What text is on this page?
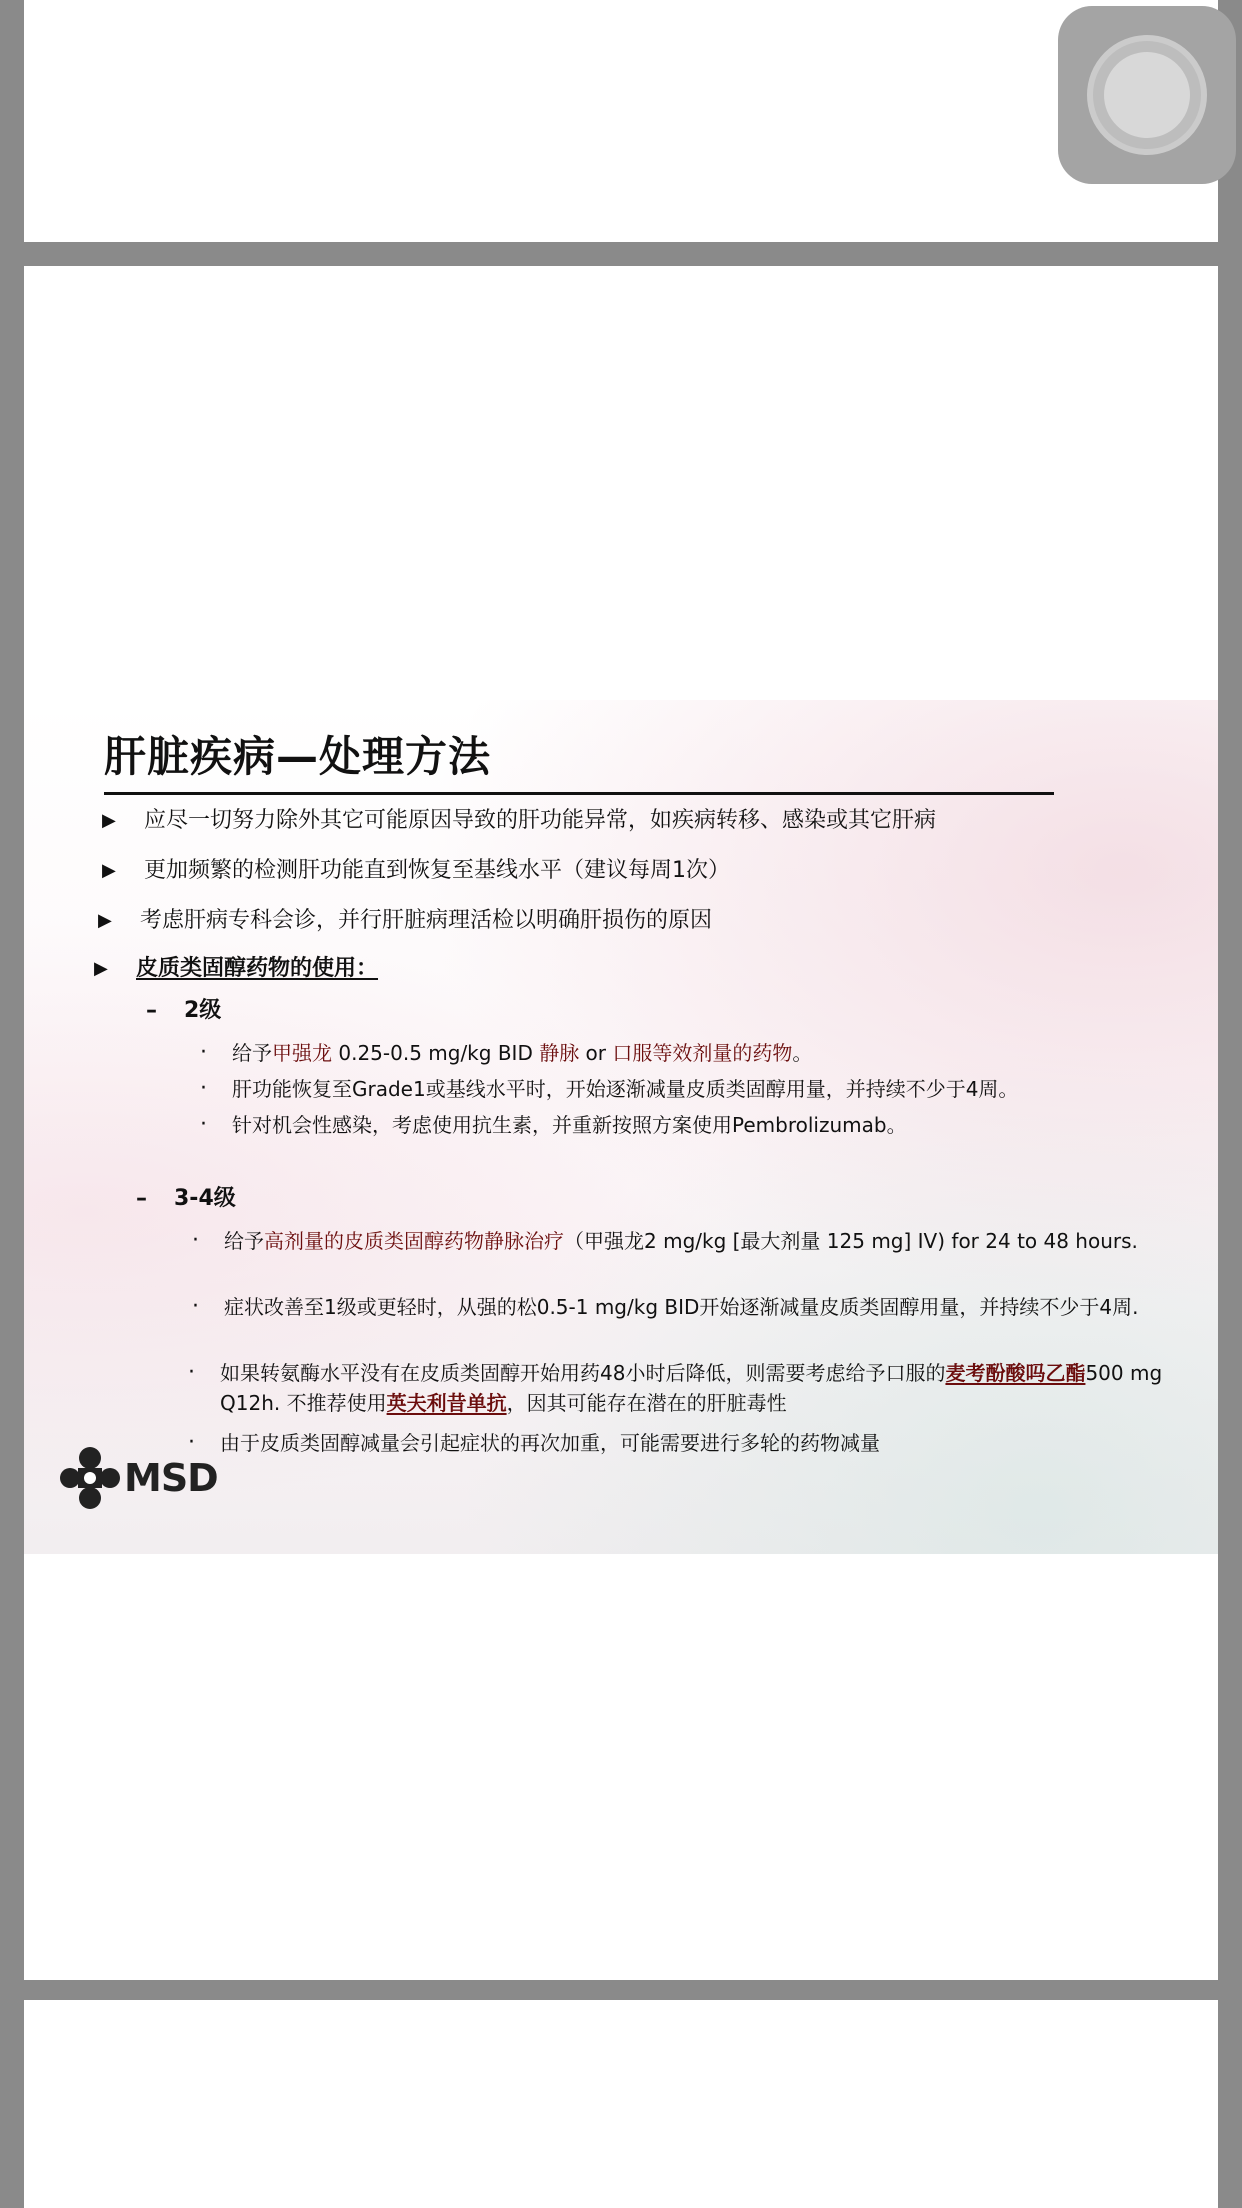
肝脏疾病—处理方法
▶ 应尽一切努力除外其它可能原因导致的肝功能异常，如疾病转移、感染或其它肝病
▶ 更加频繁的检测肝功能直到恢复至基线水平（建议每周1次）
▶ 考虑肝病专科会诊，并行肝脏病理活检以明确肝损伤的原因
▶ 皮质类固醇药物的使用：
– 2级
· 给予甲强龙 0.25-0.5 mg/kg BID 静脉 or 口服等效剂量的药物。
· 肝功能恢复至Grade1或基线水平时，开始逐渐减量皮质类固醇用量，并持续不少于4周。
· 针对机会性感染，考虑使用抗生素，并重新按照方案使用Pembrolizumab。
– 3-4级
· 给予高剂量的皮质类固醇药物静脉治疗（甲强龙2 mg/kg [最大剂量 125 mg] IV) for 24 to 48 hours.
· 症状改善至1级或更轻时，从强的松0.5-1 mg/kg BID开始逐渐减量皮质类固醇用量，并持续不少于4周.
· 如果转氨酶水平没有在皮质类固醇开始用药48小时后降低，则需要考虑给予口服的麦考酚酸吗乙酯500 mg Q12h. 不推荐使用英夫利昔单抗，因其可能存在潜在的肝脏毒性
· 由于皮质类固醇减量会引起症状的再次加重，可能需要进行多轮的药物减量
MSD
